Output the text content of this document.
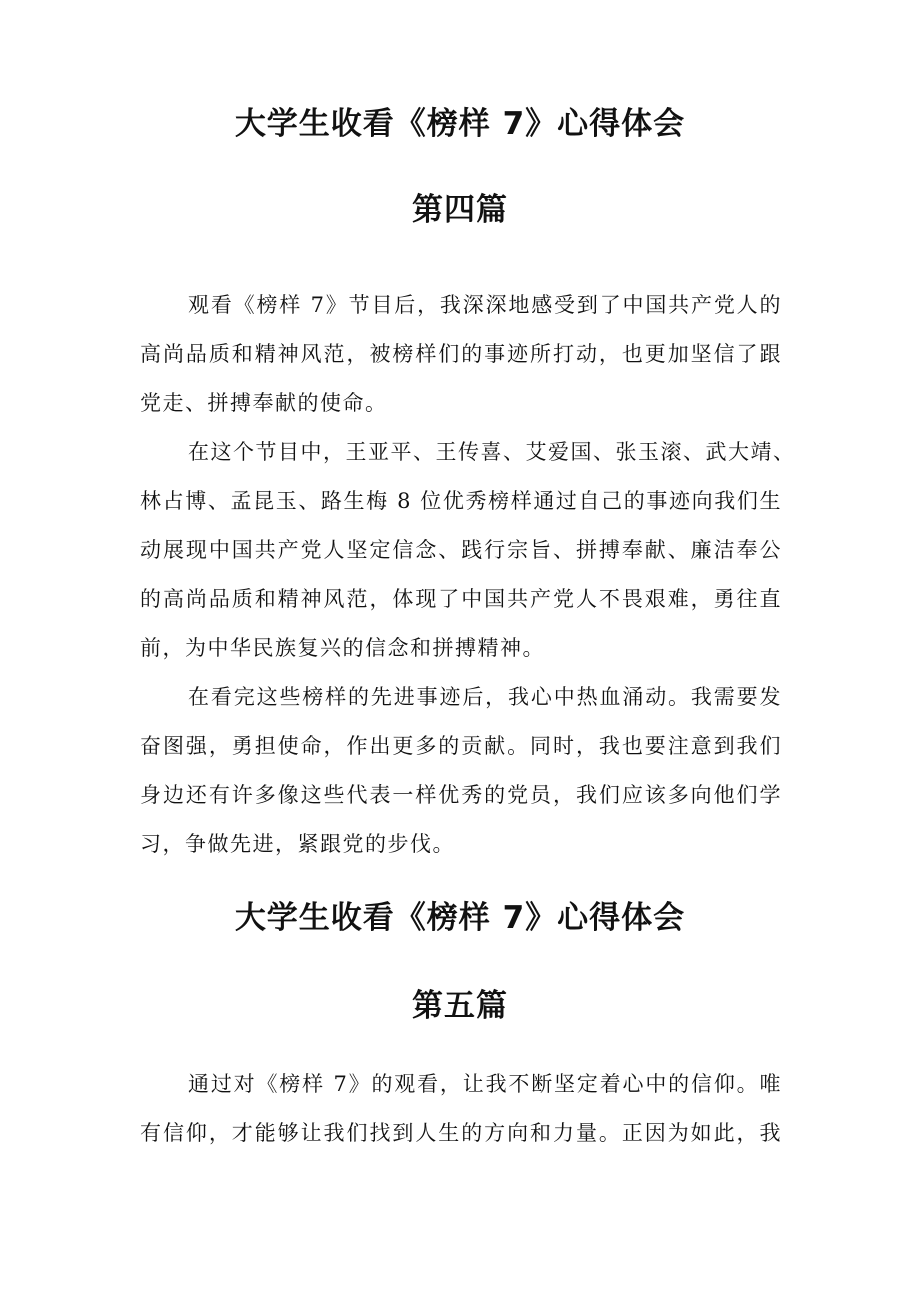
大学生收看《榜样 7》心得体会
第四篇
观看《榜样 7》节目后，我深深地感受到了中国共产党人的
高尚品质和精神风范，被榜样们的事迹所打动，也更加坚信了跟
党走、拼搏奉献的使命。
在这个节目中，王亚平、王传喜、艾爱国、张玉滚、武大靖、
林占博、孟昆玉、路生梅 8 位优秀榜样通过自己的事迹向我们生
动展现中国共产党人坚定信念、践行宗旨、拼搏奉献、廉洁奉公
的高尚品质和精神风范，体现了中国共产党人不畏艰难，勇往直
前，为中华民族复兴的信念和拼搏精神。
在看完这些榜样的先进事迹后，我心中热血涌动。我需要发
奋图强，勇担使命，作出更多的贡献。同时，我也要注意到我们
身边还有许多像这些代表一样优秀的党员，我们应该多向他们学
习，争做先进，紧跟党的步伐。
大学生收看《榜样 7》心得体会
第五篇
通过对《榜样 7》的观看，让我不断坚定着心中的信仰。唯
有信仰，才能够让我们找到人生的方向和力量。正因为如此，我
